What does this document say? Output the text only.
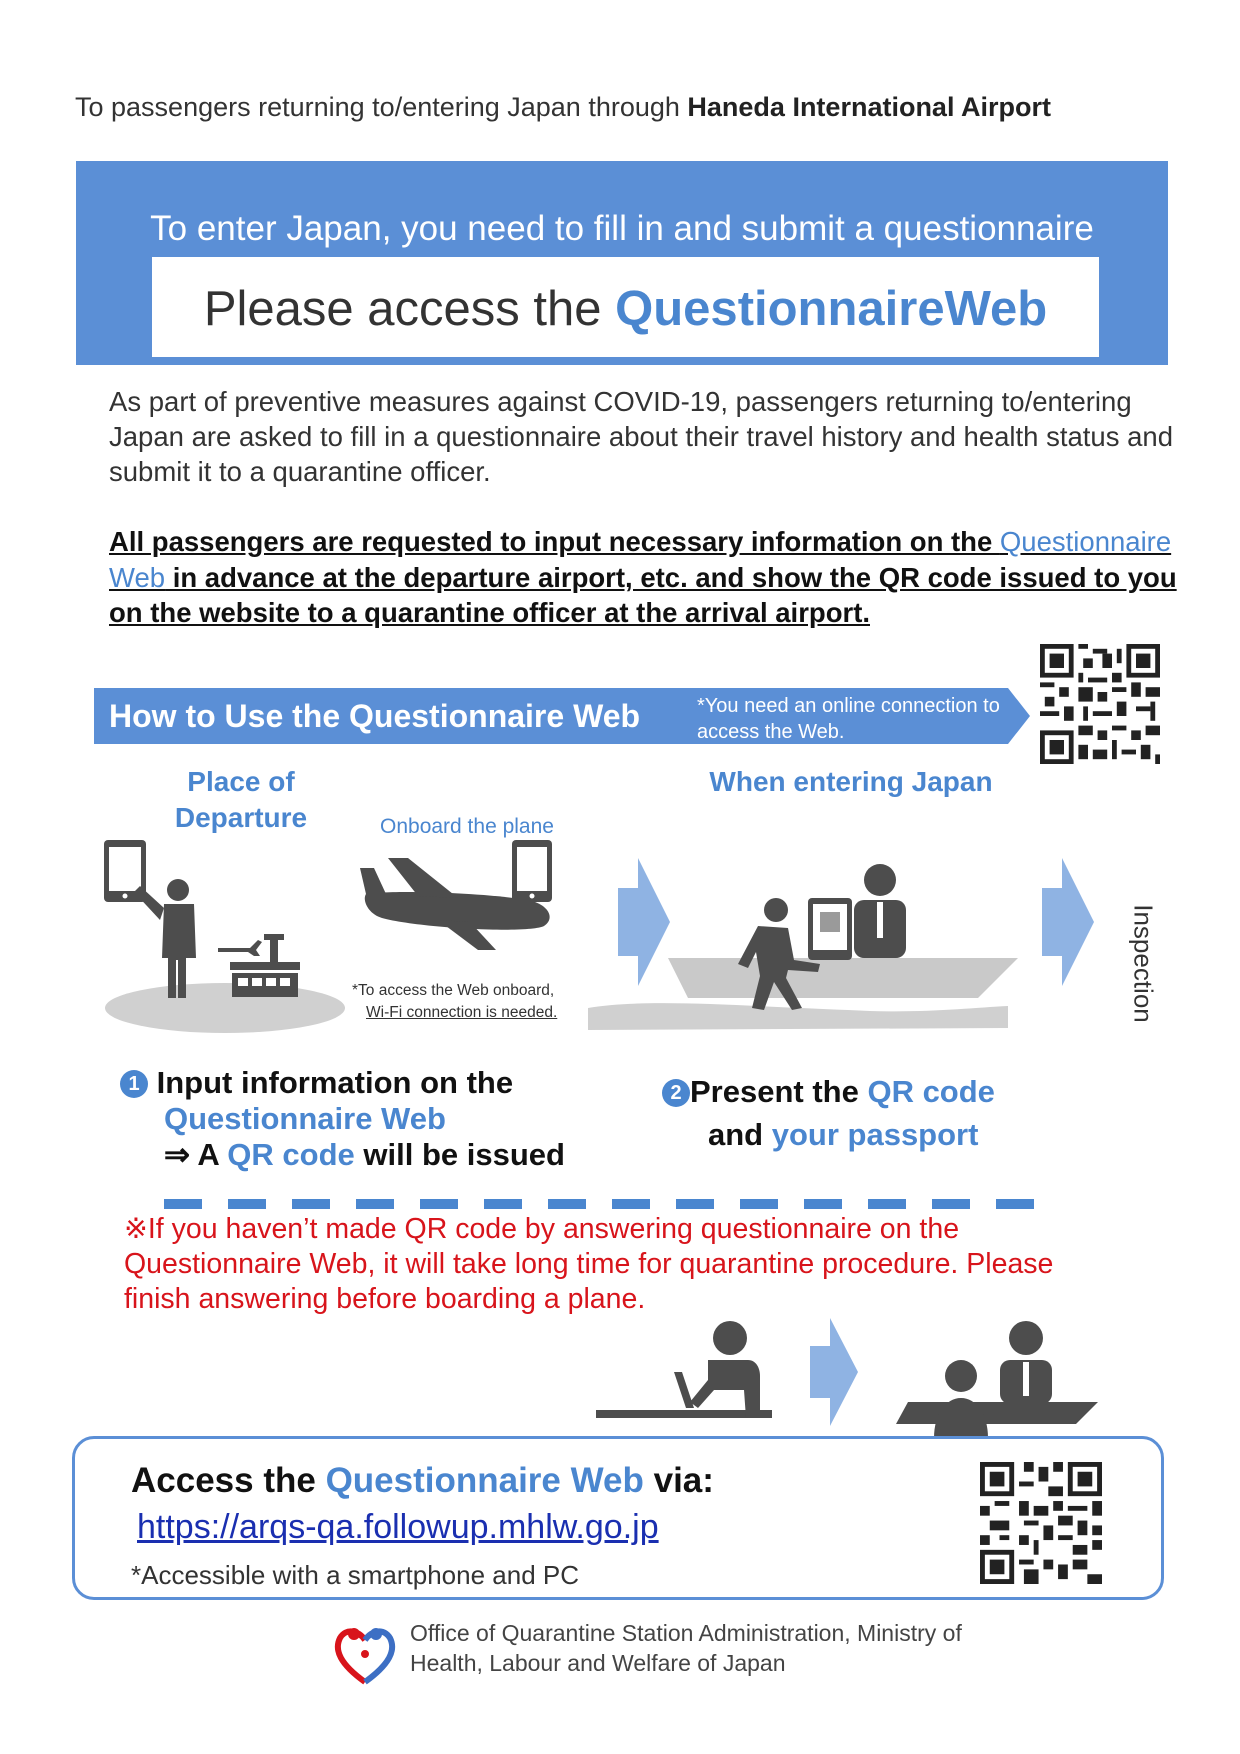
To passengers returning to/entering Japan through Haneda International Airport
To enter Japan, you need to fill in and submit a questionnaire
Please access the QuestionnaireWeb
As part of preventive measures against COVID-19, passengers returning to/entering Japan are asked to fill in a questionnaire about their travel history and health status and submit it to a quarantine officer.
All passengers are requested to input necessary information on the Questionnaire Web in advance at the departure airport, etc. and show the QR code issued to you on the website to a quarantine officer at the arrival airport.
How to Use the Questionnaire Web	*You need an online connection to access the Web.
Place of Departure	Onboard the plane
When entering Japan
*To access the Web onboard,
Wi-Fi connection is needed.	Inspection
1 Input information on the
Questionnaire Web
⇒ A QR code will be issued
2 Present the QR code
and your passport
※If you haven’t made QR code by answering questionnaire on the Questionnaire Web, it will take long time for quarantine procedure. Please finish answering before boarding a plane.
Access the Questionnaire Web via:
https://arqs-qa.followup.mhlw.go.jp
*Accessible with a smartphone and PC
Office of Quarantine Station Administration, Ministry of Health, Labour and Welfare of Japan
